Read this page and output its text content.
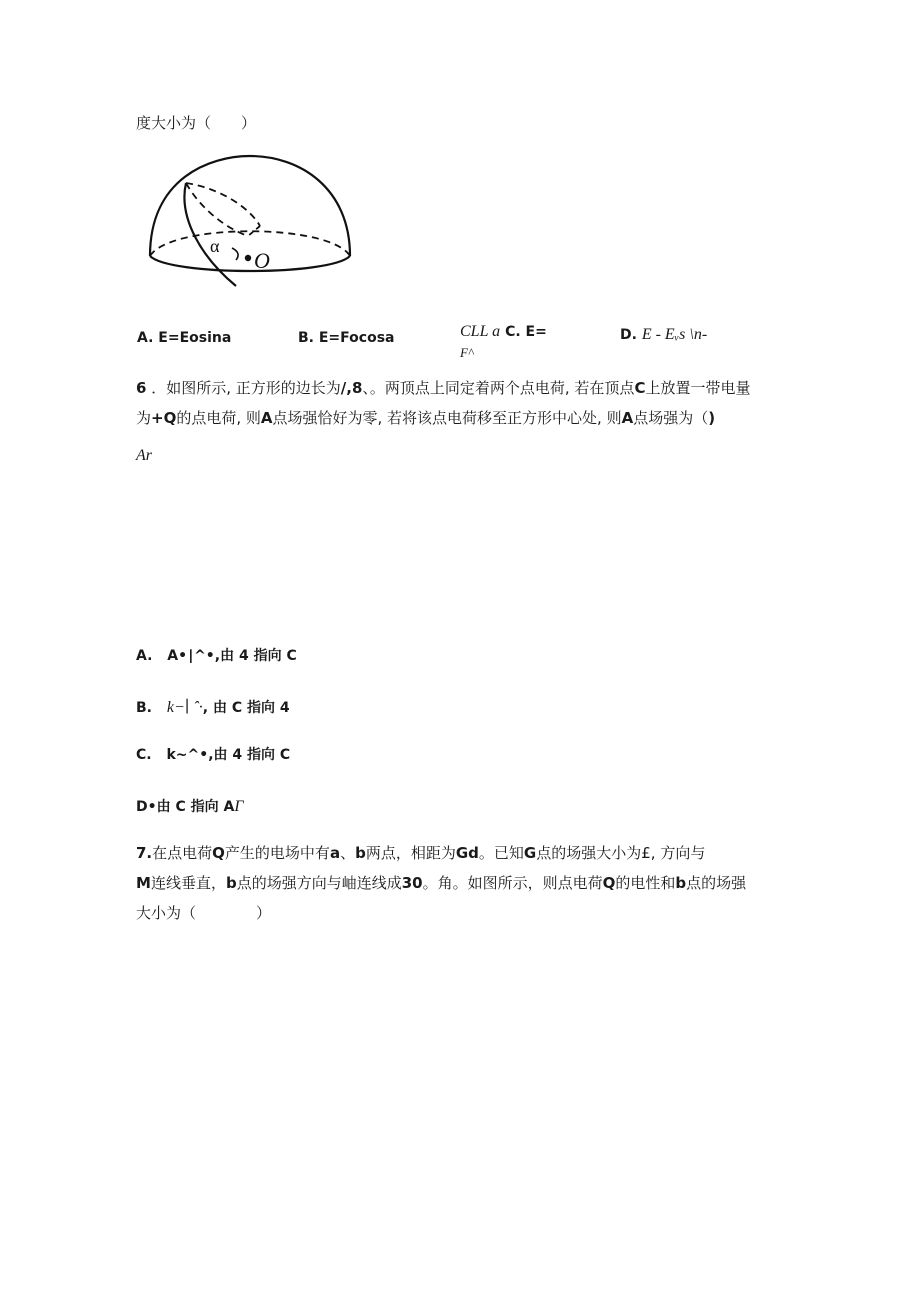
度大小为（　　）
α
O
A. E=Eosina	B. E=Focosa	CLL a C. E=
F^
D. E - Eᵥs \n-
6 ．如图所示, 正方形的边长为/,8、。两顶点上同定着两个点电荷, 若在顶点C上放置一带电量
为+Q的点电荷, 则A点场强恰好为零, 若将该点电荷移至正方形中心处, 则A点场强为（)
Ar
A. A•∣^•,由 4 指向 C
B. k−∣ ˆ·, 由 C 指向 4
C. k~^•,由 4 指向 C
D•由 C 指向 AΓ
7.在点电荷Q产生的电场中有a、b两点，相距为Gd。已知G点的场强大小为£, 方向与
M连线垂直，b点的场强方向与岫连线成30。角。如图所示，则点电荷Q的电性和b点的场强
大小为（　　　　）
